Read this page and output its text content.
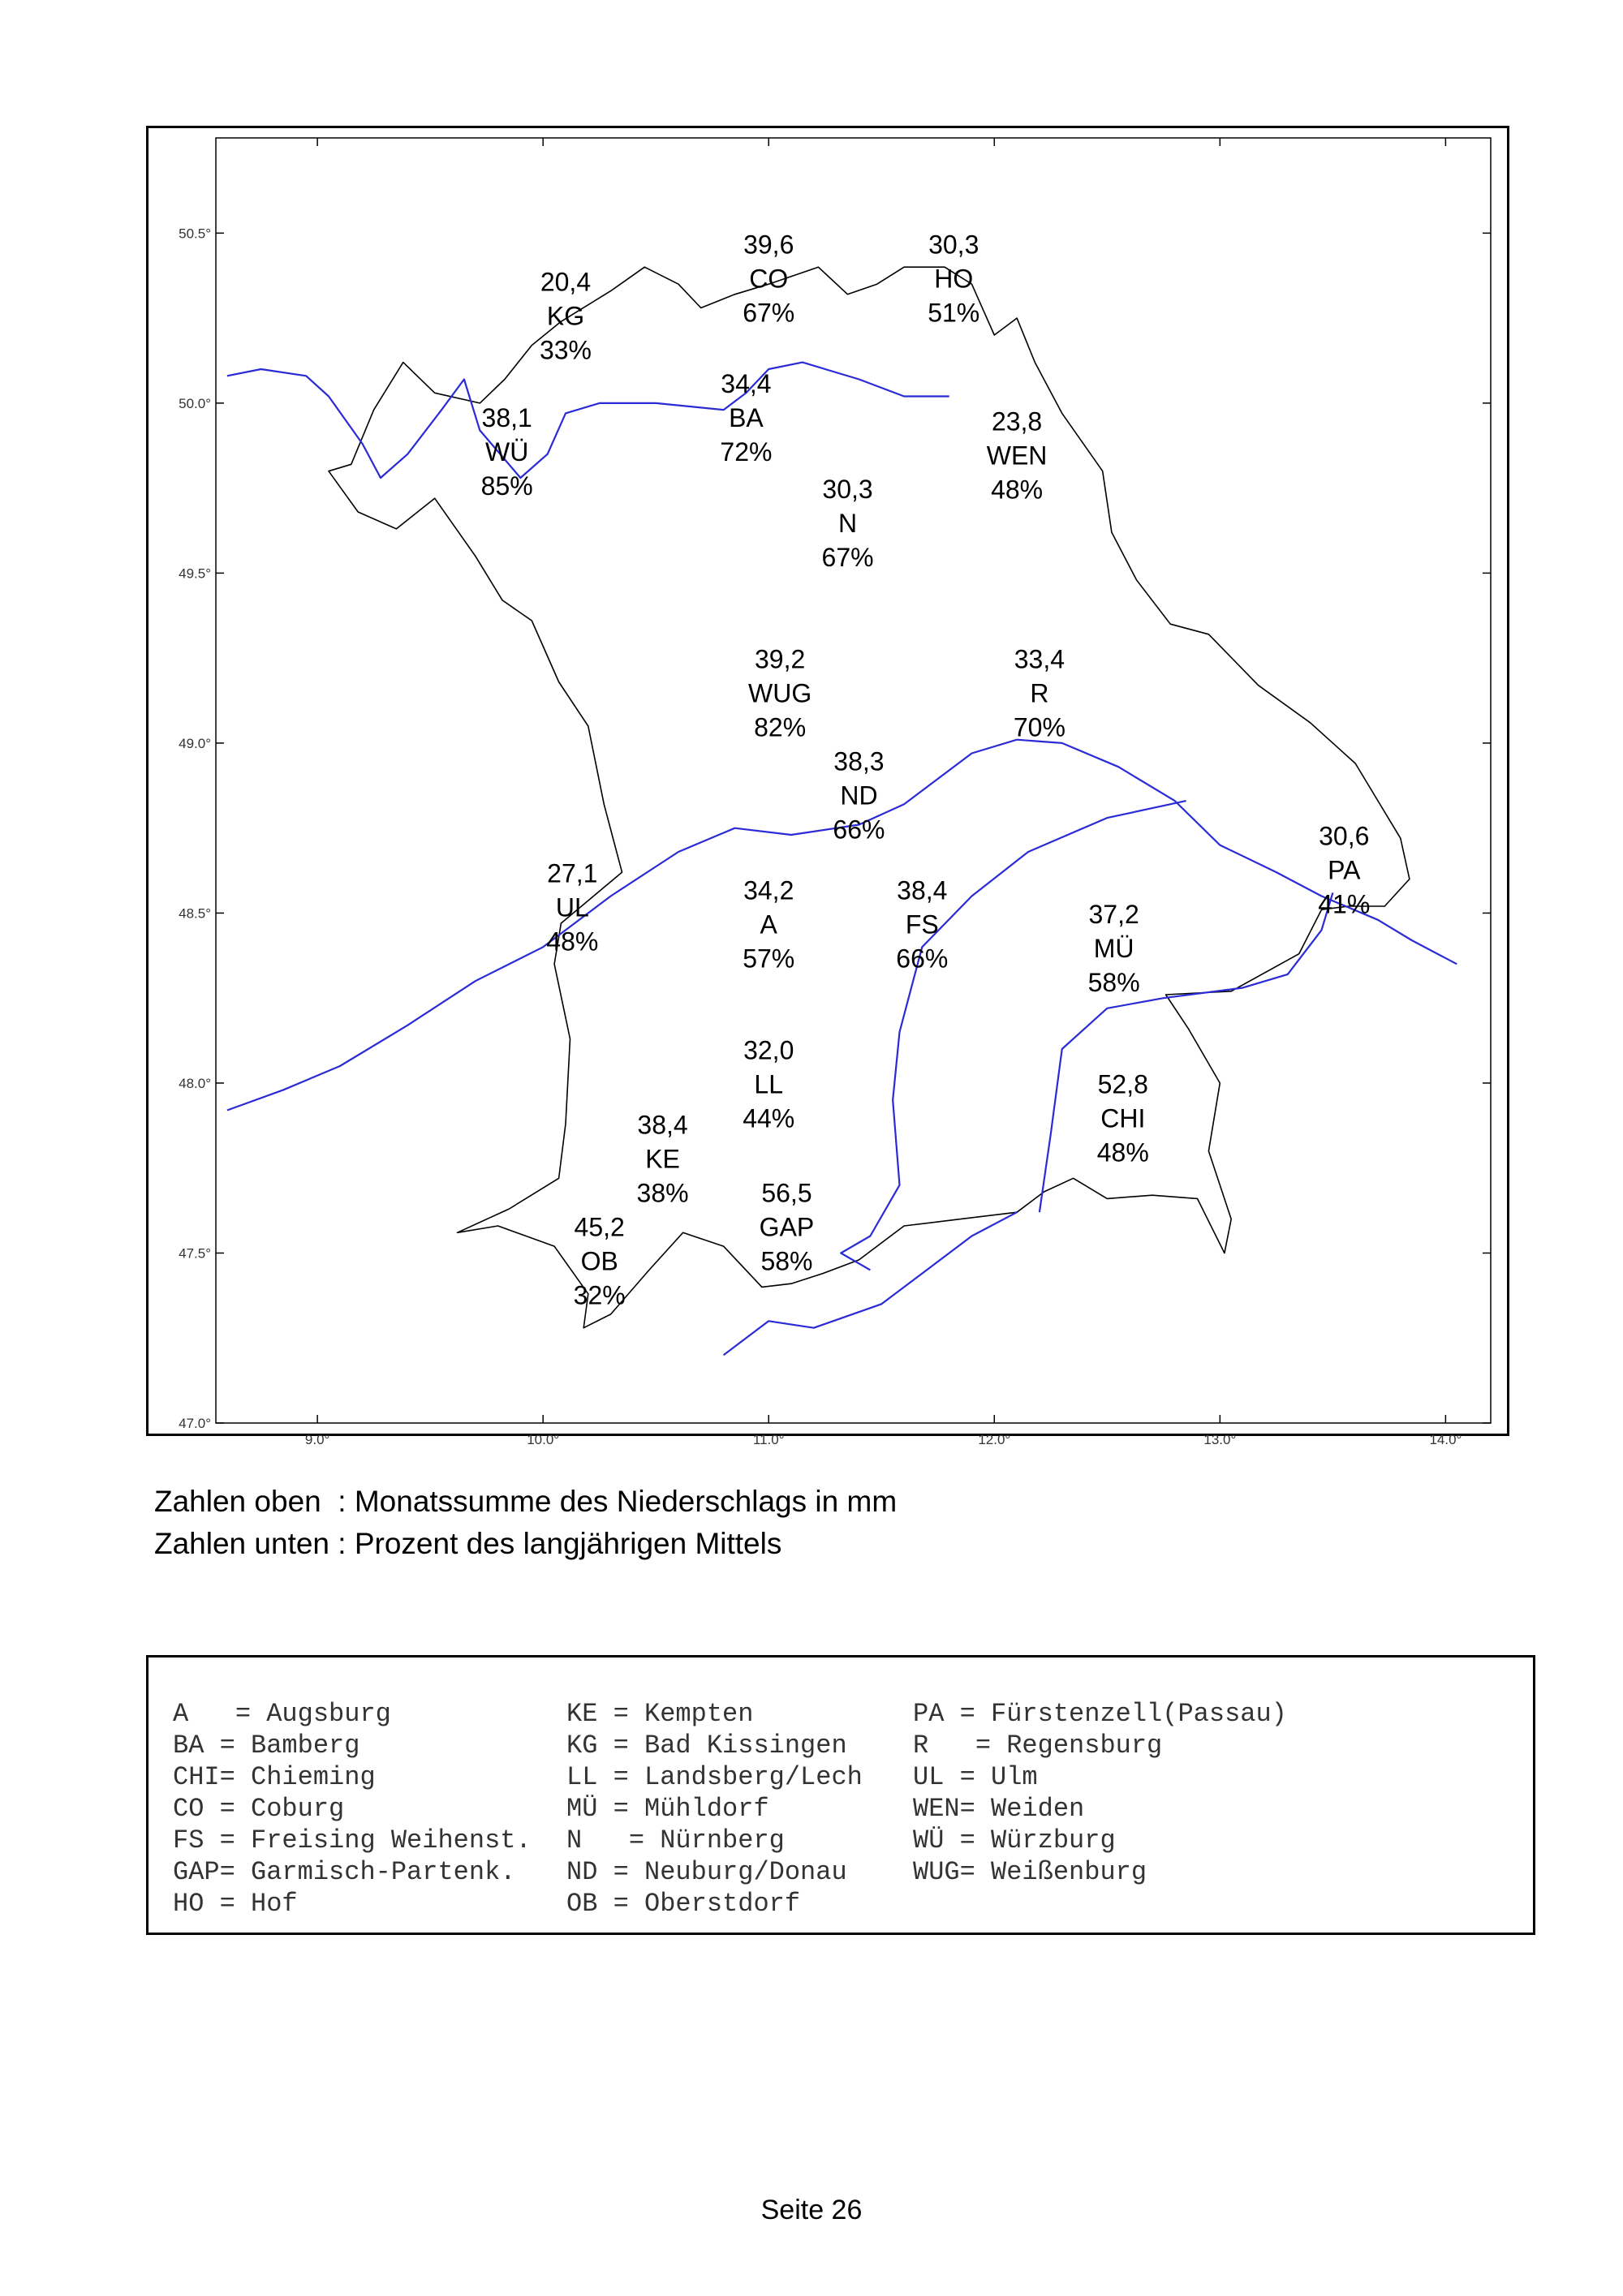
9.0°	10.0°	11.0°	12.0°	13.0°	14.0°
50.5°
50.0°
49.5°
49.0°
48.5°
48.0°
47.5°
47.0°
20,4
KG
33%
39,6
CO
67%
30,3
HO
51%
38,1
WÜ
85%
34,4
BA
72%
23,8
WEN
48%
30,3
N
67%
39,2
WUG
82%
33,4
R
70%
38,3
ND
66%	30,6
PA
41%
27,1
UL
48%
34,2
A
57%
38,4
FS
66%
37,2
MÜ
58%
32,0
LL
44%
52,8
CHI
48%
38,4
KE
38%	56,5
GAP
58%
45,2
OB
32%
Zahlen oben  : Monatssumme des Niederschlags in mm
Zahlen unten : Prozent des langjährigen Mittels
A   = Augsburg
BA = Bamberg
CHI= Chieming
CO = Coburg
FS = Freising Weihenst.
GAP= Garmisch-Partenk.
HO = Hof
KE = Kempten
KG = Bad Kissingen
LL = Landsberg/Lech
MÜ = Mühldorf
N   = Nürnberg
ND = Neuburg/Donau
OB = Oberstdorf
PA = Fürstenzell(Passau)
R   = Regensburg
UL = Ulm
WEN= Weiden
WÜ = Würzburg
WUG= Weißenburg
Seite 26
